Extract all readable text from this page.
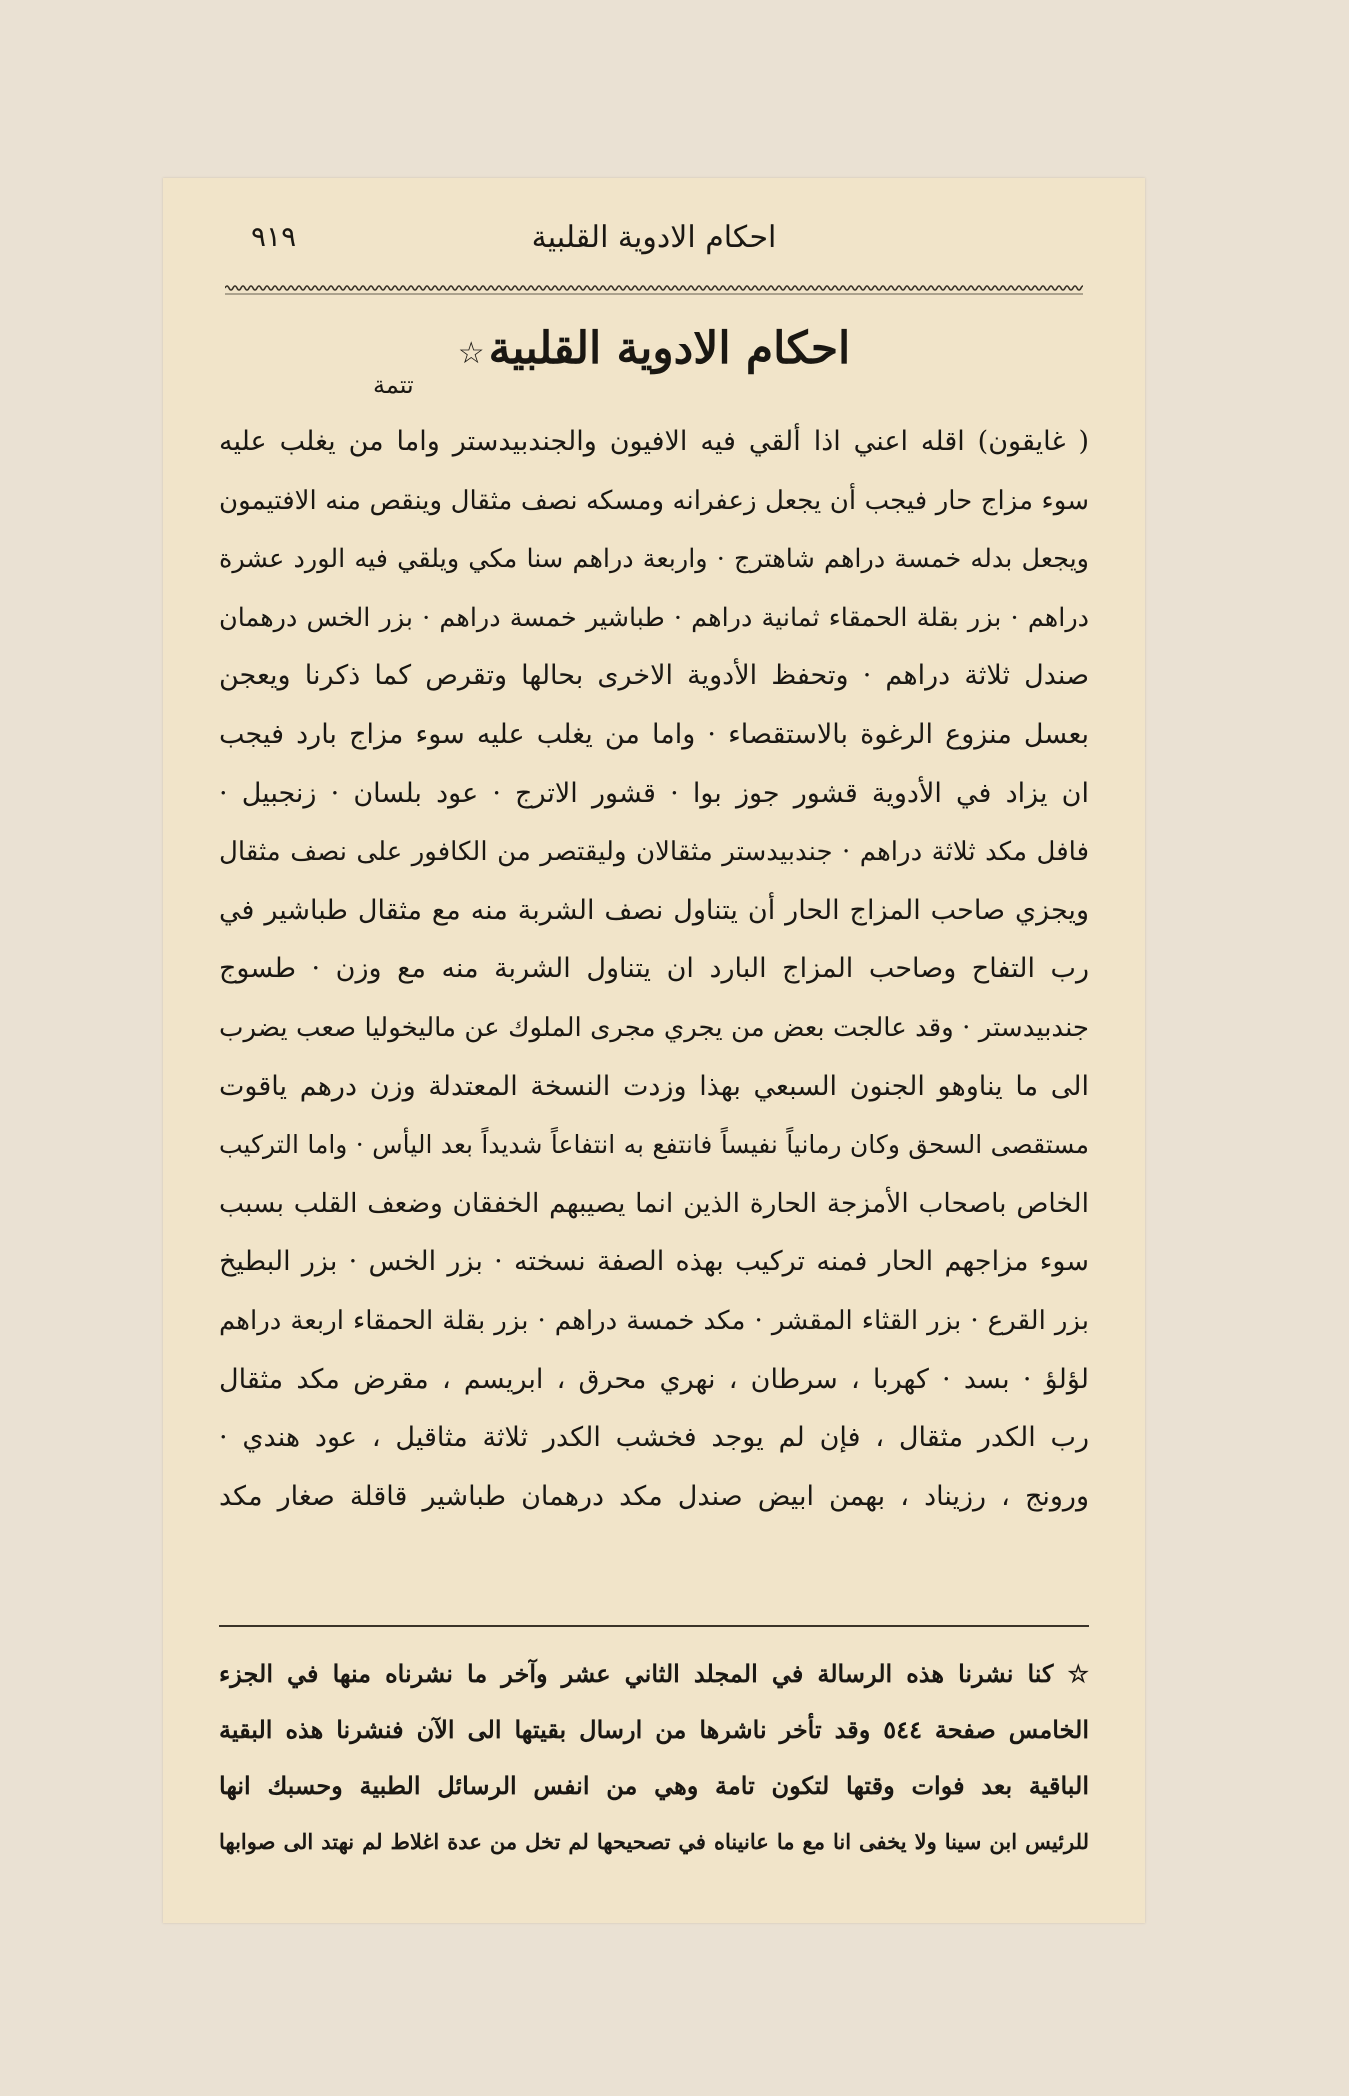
احكام الادوية القلبية
٩١٩
احكام الادوية القلبية☆
تتمة
( غايقون) اقله اعني اذا ألقي فيه الافيون والجندبيدستر واما من يغلب عليه
سوء مزاج حار فيجب أن يجعل زعفرانه ومسكه نصف مثقال وينقص منه الافتيمون
ويجعل بدله خمسة دراهم شاهترج · واربعة دراهم سنا مكي ويلقي فيه الورد عشرة
دراهم · بزر بقلة الحمقاء ثمانية دراهم · طباشير خمسة دراهم · بزر الخس درهمان
صندل ثلاثة دراهم · وتحفظ الأدوية الاخرى بحالها وتقرص كما ذكرنا ويعجن
بعسل منزوع الرغوة بالاستقصاء · واما من يغلب عليه سوء مزاج بارد فيجب
ان يزاد في الأدوية قشور جوز بوا · قشور الاترج · عود بلسان · زنجبيل ·
فافل مكد ثلاثة دراهم · جندبيدستر مثقالان وليقتصر من الكافور على نصف مثقال
ويجزي صاحب المزاج الحار أن يتناول نصف الشربة منه مع مثقال طباشير في
رب التفاح وصاحب المزاج البارد ان يتناول الشربة منه مع وزن · طسوج
جندبيدستر · وقد عالجت بعض من يجري مجرى الملوك عن ماليخوليا صعب يضرب
الى ما يناوهو الجنون السبعي بهذا وزدت النسخة المعتدلة وزن درهم ياقوت
مستقصى السحق وكان رمانياً نفيساً فانتفع به انتفاعاً شديداً بعد اليأس · واما التركيب
الخاص باصحاب الأمزجة الحارة الذين انما يصيبهم الخفقان وضعف القلب بسبب
سوء مزاجهم الحار فمنه تركيب بهذه الصفة نسخته · بزر الخس · بزر البطيخ
بزر القرع · بزر القثاء المقشر · مكد خمسة دراهم · بزر بقلة الحمقاء اربعة دراهم
لؤلؤ · بسد · كهربا ، سرطان ، نهري محرق ، ابريسم ، مقرض مكد مثقال
رب الكدر مثقال ، فإن لم يوجد فخشب الكدر ثلاثة مثاقيل ، عود هندي ·
ورونج ، رزيناد ، بهمن ابيض صندل مكد درهمان طباشير قاقلة صغار مكد
☆ كنا نشرنا هذه الرسالة في المجلد الثاني عشر وآخر ما نشرناه منها في الجزء
الخامس صفحة ٥٤٤ وقد تأخر ناشرها من ارسال بقيتها الى الآن فنشرنا هذه البقية
الباقية بعد فوات وقتها لتكون تامة وهي من انفس الرسائل الطبية وحسبك انها
للرئيس ابن سينا ولا يخفى انا مع ما عانيناه في تصحيحها لم تخل من عدة اغلاط لم نهتد الى صوابها
